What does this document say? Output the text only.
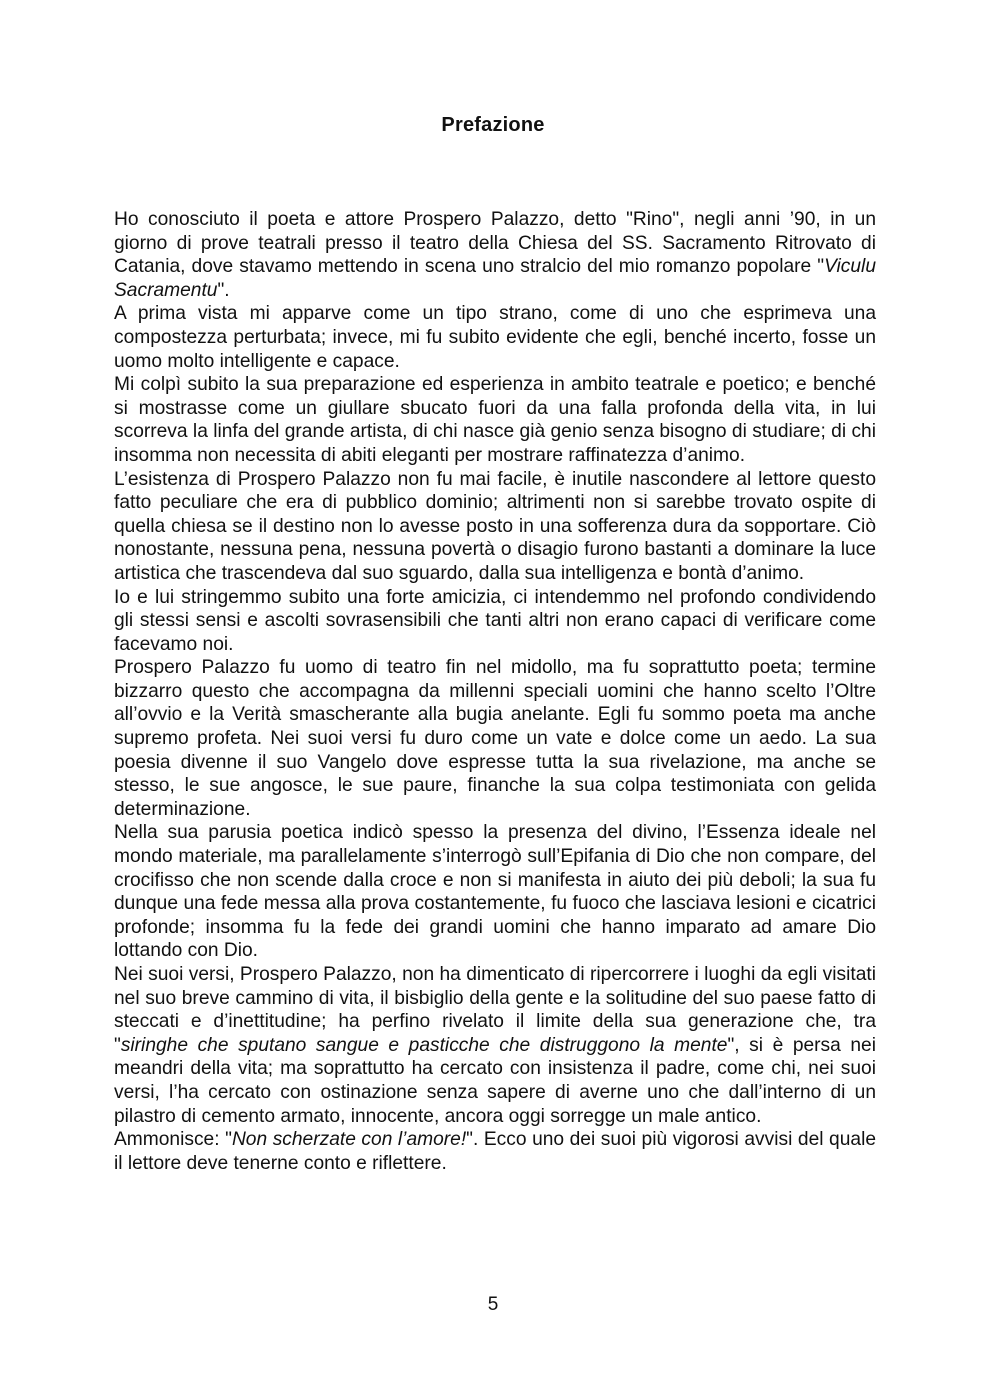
Prefazione

Ho conosciuto il poeta e attore Prospero Palazzo, detto "Rino", negli anni ’90, in un giorno di prove teatrali presso il teatro della Chiesa del SS. Sacramento Ritrovato di Catania, dove stavamo mettendo in scena uno stralcio del mio romanzo popolare "Viculu Sacramentu".

A prima vista mi apparve come un tipo strano, come di uno che esprimeva una compostezza perturbata; invece, mi fu subito evidente che egli, benché incerto, fosse un uomo molto intelligente e capace.

Mi colpì subito la sua preparazione ed esperienza in ambito teatrale e poetico; e benché si mostrasse come un giullare sbucato fuori da una falla profonda della vita, in lui scorreva la linfa del grande artista, di chi nasce già genio senza bisogno di studiare; di chi insomma non necessita di abiti eleganti per mostrare raffinatezza d’animo.

L’esistenza di Prospero Palazzo non fu mai facile, è inutile nascondere al lettore questo fatto peculiare che era di pubblico dominio; altrimenti non si sarebbe trovato ospite di quella chiesa se il destino non lo avesse posto in una sofferenza dura da sopportare. Ciò nonostante, nessuna pena, nessuna povertà o disagio furono bastanti a dominare la luce artistica che trascendeva dal suo sguardo, dalla sua intelligenza e bontà d’animo.

Io e lui stringemmo subito una forte amicizia, ci intendemmo nel profondo condividendo gli stessi sensi e ascolti sovrasensibili che tanti altri non erano capaci di verificare come facevamo noi.

Prospero Palazzo fu uomo di teatro fin nel midollo, ma fu soprattutto poeta; termine bizzarro questo che accompagna da millenni speciali uomini che hanno scelto l’Oltre all’ovvio e la Verità smascherante alla bugia anelante. Egli fu sommo poeta ma anche supremo profeta. Nei suoi versi fu duro come un vate e dolce come un aedo. La sua poesia divenne il suo Vangelo dove espresse tutta la sua rivelazione, ma anche se stesso, le sue angosce, le sue paure, finanche la sua colpa testimoniata con gelida determinazione.

Nella sua parusia poetica indicò spesso la presenza del divino, l’Essenza ideale nel mondo materiale, ma parallelamente s’interrogò sull’Epifania di Dio che non compare, del crocifisso che non scende dalla croce e non si manifesta in aiuto dei più deboli; la sua fu dunque una fede messa alla prova costantemente, fu fuoco che lasciava lesioni e cicatrici profonde; insomma fu la fede dei grandi uomini che hanno imparato ad amare Dio lottando con Dio.

Nei suoi versi, Prospero Palazzo, non ha dimenticato di ripercorrere i luoghi da egli visitati nel suo breve cammino di vita, il bisbiglio della gente e la solitudine del suo paese fatto di steccati e d’inettitudine; ha perfino rivelato il limite della sua generazione che, tra "siringhe che sputano sangue e pasticche che distruggono la mente", si è persa nei meandri della vita; ma soprattutto ha cercato con insistenza il padre, come chi, nei suoi versi, l’ha cercato con ostinazione senza sapere di averne uno che dall’interno di un pilastro di cemento armato, innocente, ancora oggi sorregge un male antico.

Ammonisce: "Non scherzate con l’amore!". Ecco uno dei suoi più vigorosi avvisi del quale il lettore deve tenerne conto e riflettere.

5
